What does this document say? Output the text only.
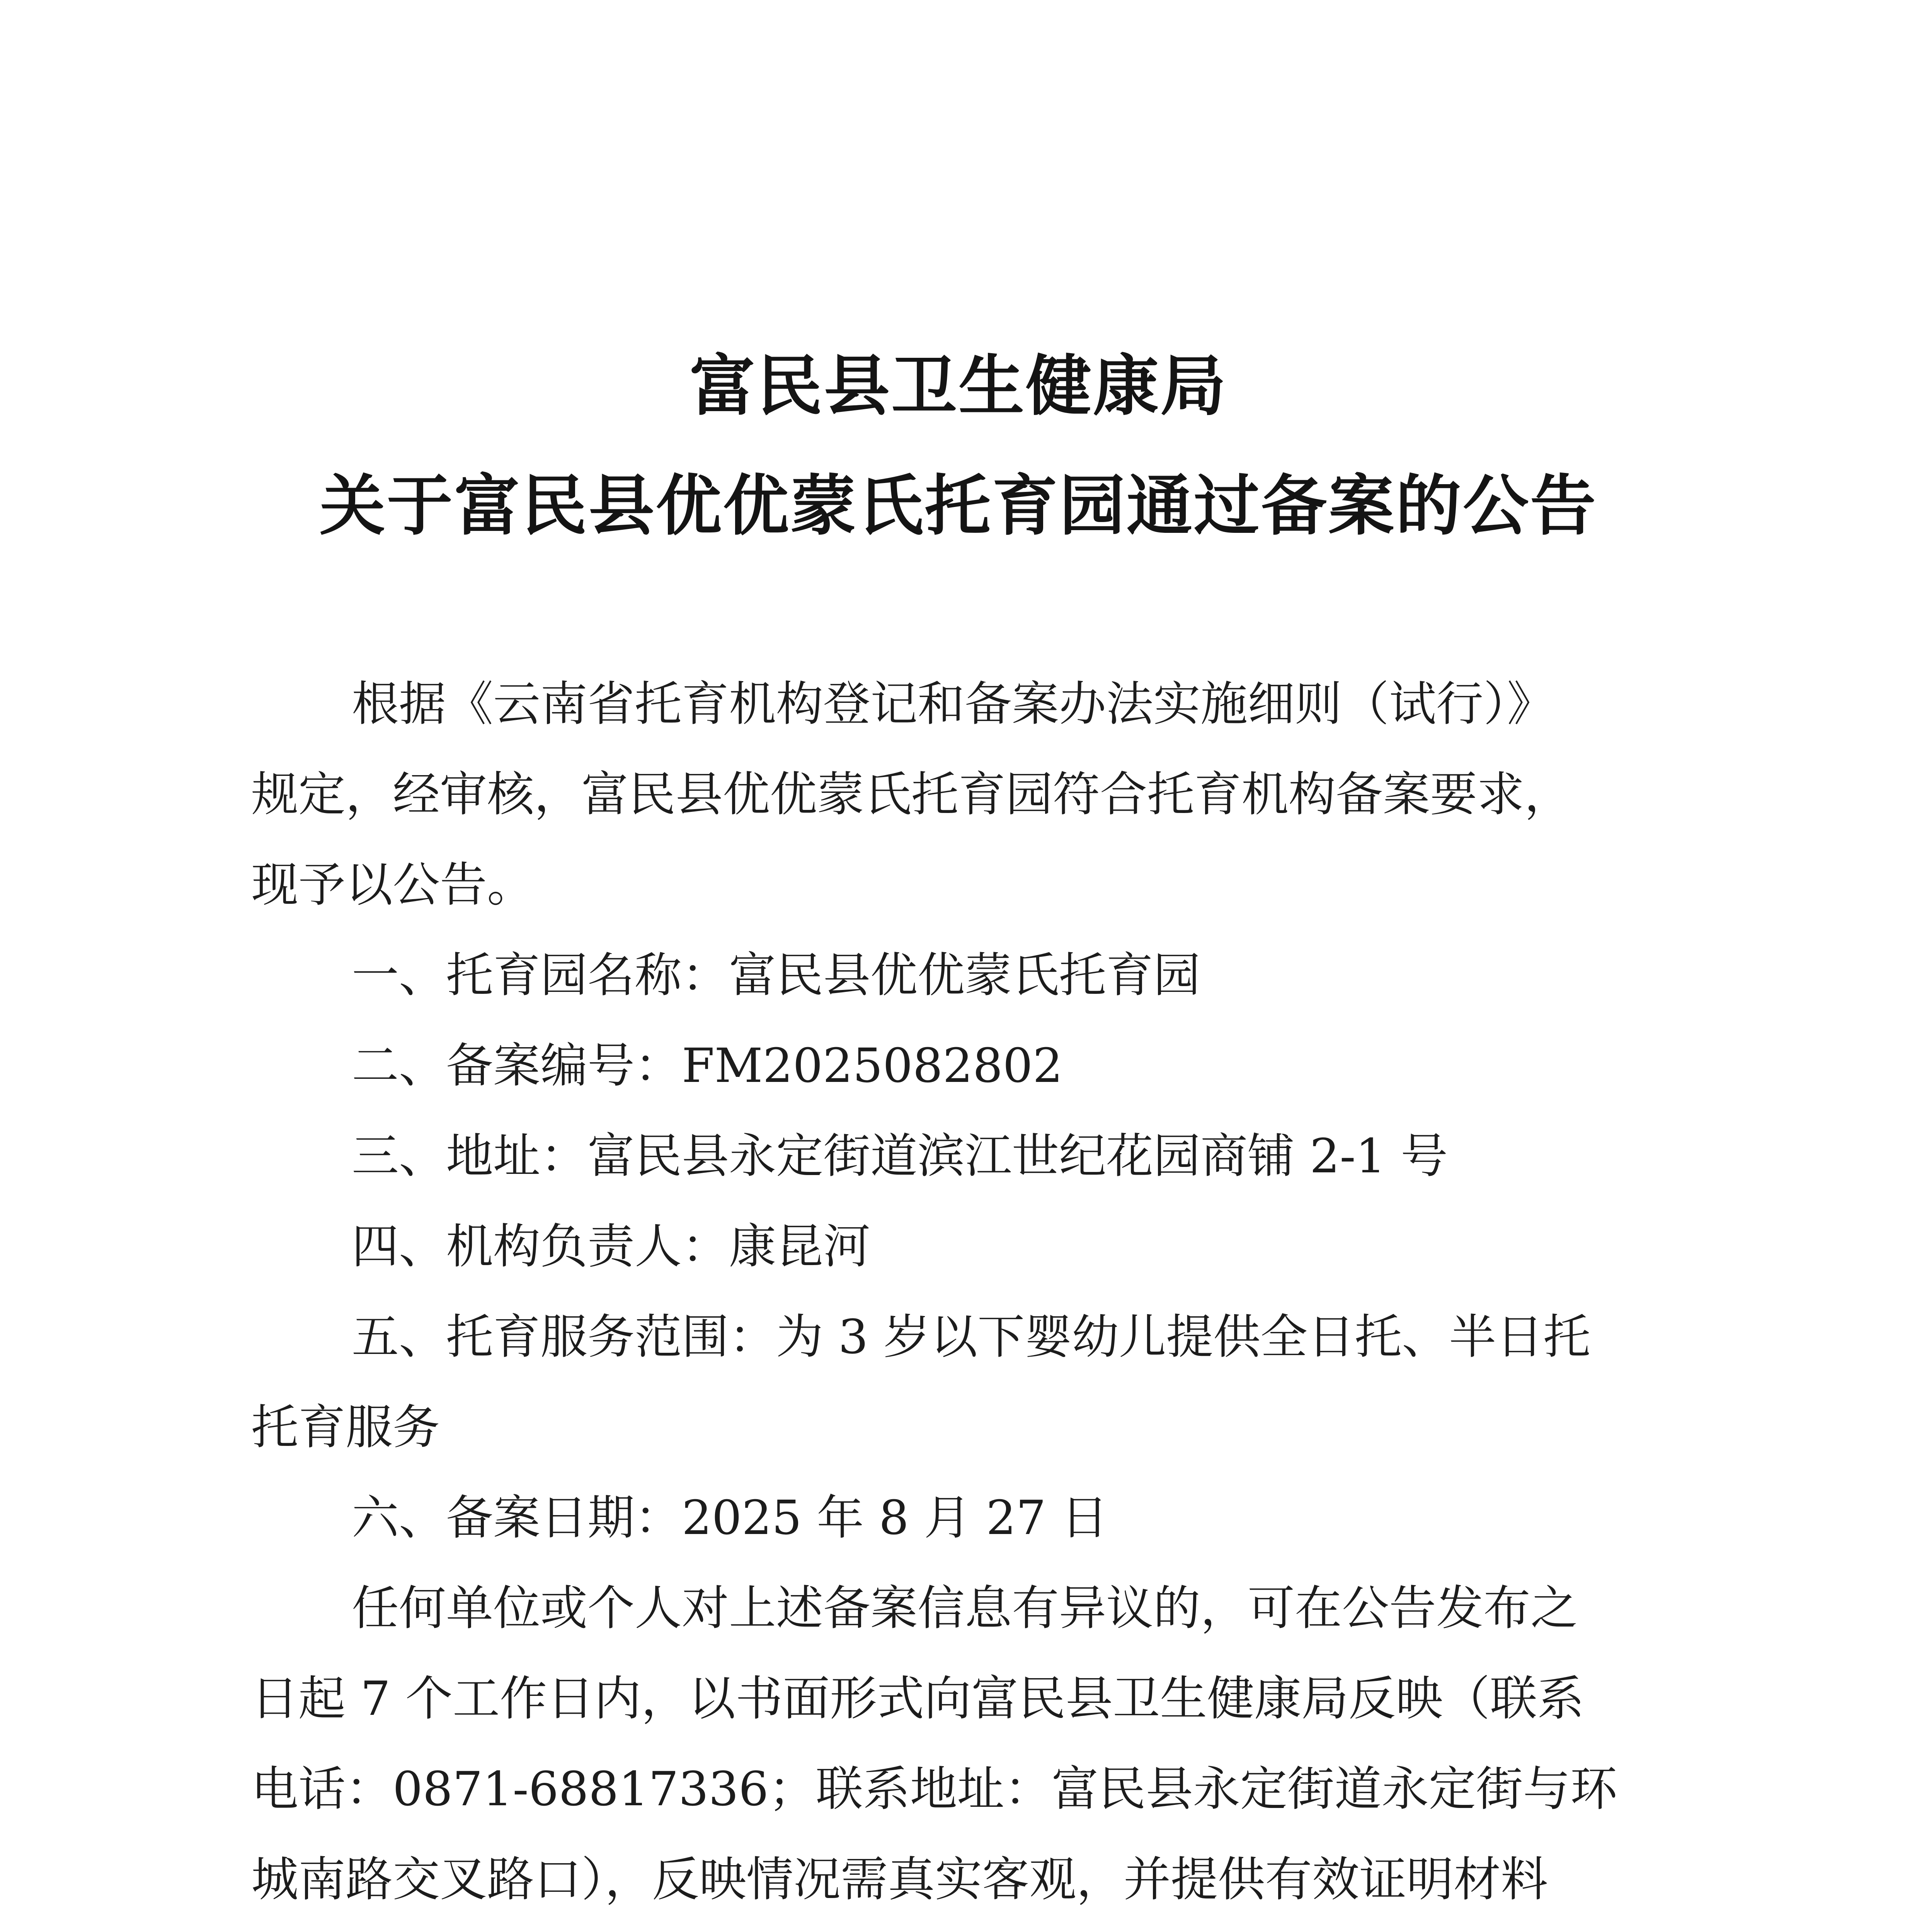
富民县卫生健康局
关于富民县优优蒙氏托育园通过备案的公告
根据《云南省托育机构登记和备案办法实施细则（试行）》
规定，经审核，富民县优优蒙氏托育园符合托育机构备案要求，
现予以公告。
一、托育园名称：富民县优优蒙氏托育园
二、备案编号：FM2025082802
三、地址：富民县永定街道滨江世纪花园商铺 2-1 号
四、机构负责人：康昆河
五、托育服务范围：为 3 岁以下婴幼儿提供全日托、半日托
托育服务
六、备案日期：2025 年 8 月 27 日
任何单位或个人对上述备案信息有异议的，可在公告发布之
日起 7 个工作日内，以书面形式向富民县卫生健康局反映（联系
电话：0871-68817336；联系地址：富民县永定街道永定街与环
城南路交叉路口），反映情况需真实客观，并提供有效证明材料
